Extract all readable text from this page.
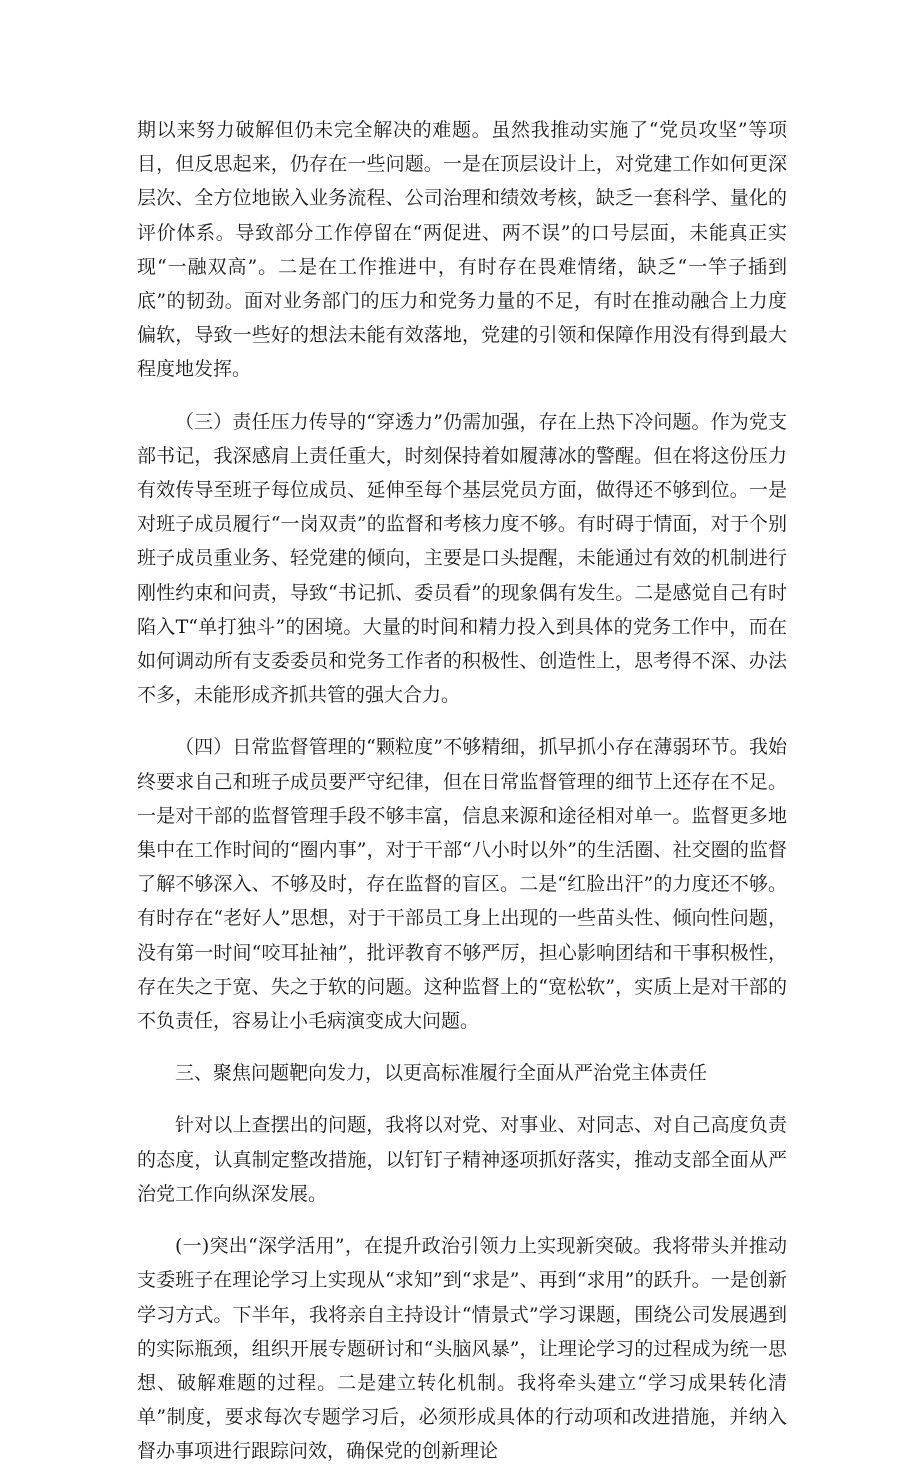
期以来努力破解但仍未完全解决的难题。虽然我推动实施了“党员攻坚”等项目，但反思起来，仍存在一些问题。一是在顶层设计上，对党建工作如何更深层次、全方位地嵌入业务流程、公司治理和绩效考核，缺乏一套科学、量化的评价体系。导致部分工作停留在“两促进、两不误”的口号层面，未能真正实现“一融双高”。二是在工作推进中，有时存在畏难情绪，缺乏“一竿子插到底”的韧劲。面对业务部门的压力和党务力量的不足，有时在推动融合上力度偏软，导致一些好的想法未能有效落地，党建的引领和保障作用没有得到最大程度地发挥。

（三）责任压力传导的“穿透力”仍需加强，存在上热下冷问题。作为党支部书记，我深感肩上责任重大，时刻保持着如履薄冰的警醒。但在将这份压力有效传导至班子每位成员、延伸至每个基层党员方面，做得还不够到位。一是对班子成员履行“一岗双责”的监督和考核力度不够。有时碍于情面，对于个别班子成员重业务、轻党建的倾向，主要是口头提醒，未能通过有效的机制进行刚性约束和问责，导致“书记抓、委员看”的现象偶有发生。二是感觉自己有时陷入T“单打独斗”的困境。大量的时间和精力投入到具体的党务工作中，而在如何调动所有支委委员和党务工作者的积极性、创造性上，思考得不深、办法不多，未能形成齐抓共管的强大合力。

（四）日常监督管理的“颗粒度”不够精细，抓早抓小存在薄弱环节。我始终要求自己和班子成员要严守纪律，但在日常监督管理的细节上还存在不足。一是对干部的监督管理手段不够丰富，信息来源和途径相对单一。监督更多地集中在工作时间的“圈内事”，对于干部“八小时以外”的生活圈、社交圈的监督了解不够深入、不够及时，存在监督的盲区。二是“红脸出汗”的力度还不够。有时存在“老好人”思想，对于干部员工身上出现的一些苗头性、倾向性问题，没有第一时间“咬耳扯袖”，批评教育不够严厉，担心影响团结和干事积极性，存在失之于宽、失之于软的问题。这种监督上的“宽松软”，实质上是对干部的不负责任，容易让小毛病演变成大问题。

三、聚焦问题靶向发力，以更高标准履行全面从严治党主体责任

针对以上查摆出的问题，我将以对党、对事业、对同志、对自己高度负责的态度，认真制定整改措施，以钉钉子精神逐项抓好落实，推动支部全面从严治党工作向纵深发展。

(一)突出“深学活用”，在提升政治引领力上实现新突破。我将带头并推动支委班子在理论学习上实现从“求知”到“求是”、再到“求用”的跃升。一是创新学习方式。下半年，我将亲自主持设计“情景式”学习课题，围绕公司发展遇到的实际瓶颈，组织开展专题研讨和“头脑风暴”，让理论学习的过程成为统一思想、破解难题的过程。二是建立转化机制。我将牵头建立“学习成果转化清单”制度，要求每次专题学习后，必须形成具体的行动项和改进措施，并纳入督办事项进行跟踪问效，确保党的创新理论
